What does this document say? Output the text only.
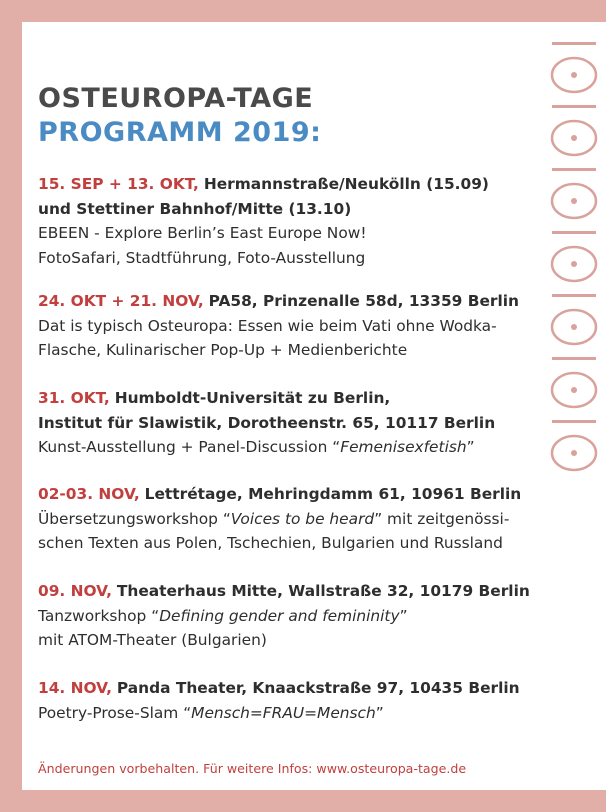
OSTEUROPA-TAGE
PROGRAMM 2019:
15. SEP + 13. OKT, Hermannstraße/Neukölln (15.09)
und Stettiner Bahnhof/Mitte (13.10)
EBEEN - Explore Berlin’s East Europe Now!
FotoSafari, Stadtführung, Foto-Ausstellung
24. OKT + 21. NOV, PA58, Prinzenalle 58d, 13359 Berlin
Dat is typisch Osteuropa: Essen wie beim Vati ohne Wodka-
Flasche, Kulinarischer Pop-Up + Medienberichte
31. OKT, Humboldt-Universität zu Berlin,
Institut für Slawistik, Dorotheenstr. 65, 10117 Berlin
Kunst-Ausstellung + Panel-Discussion “Femenisexfetish”
02-03. NOV, Lettrétage, Mehringdamm 61, 10961 Berlin
Übersetzungsworkshop “Voices to be heard” mit zeitgenössi-
schen Texten aus Polen, Tschechien, Bulgarien und Russland
09. NOV, Theaterhaus Mitte, Wallstraße 32, 10179 Berlin
Tanzworkshop “Defining gender and femininity”
mit ATOM-Theater (Bulgarien)
14. NOV, Panda Theater, Knaackstraße 97, 10435 Berlin
Poetry-Prose-Slam “Mensch=FRAU=Mensch”
Änderungen vorbehalten. Für weitere Infos: www.osteuropa-tage.de
